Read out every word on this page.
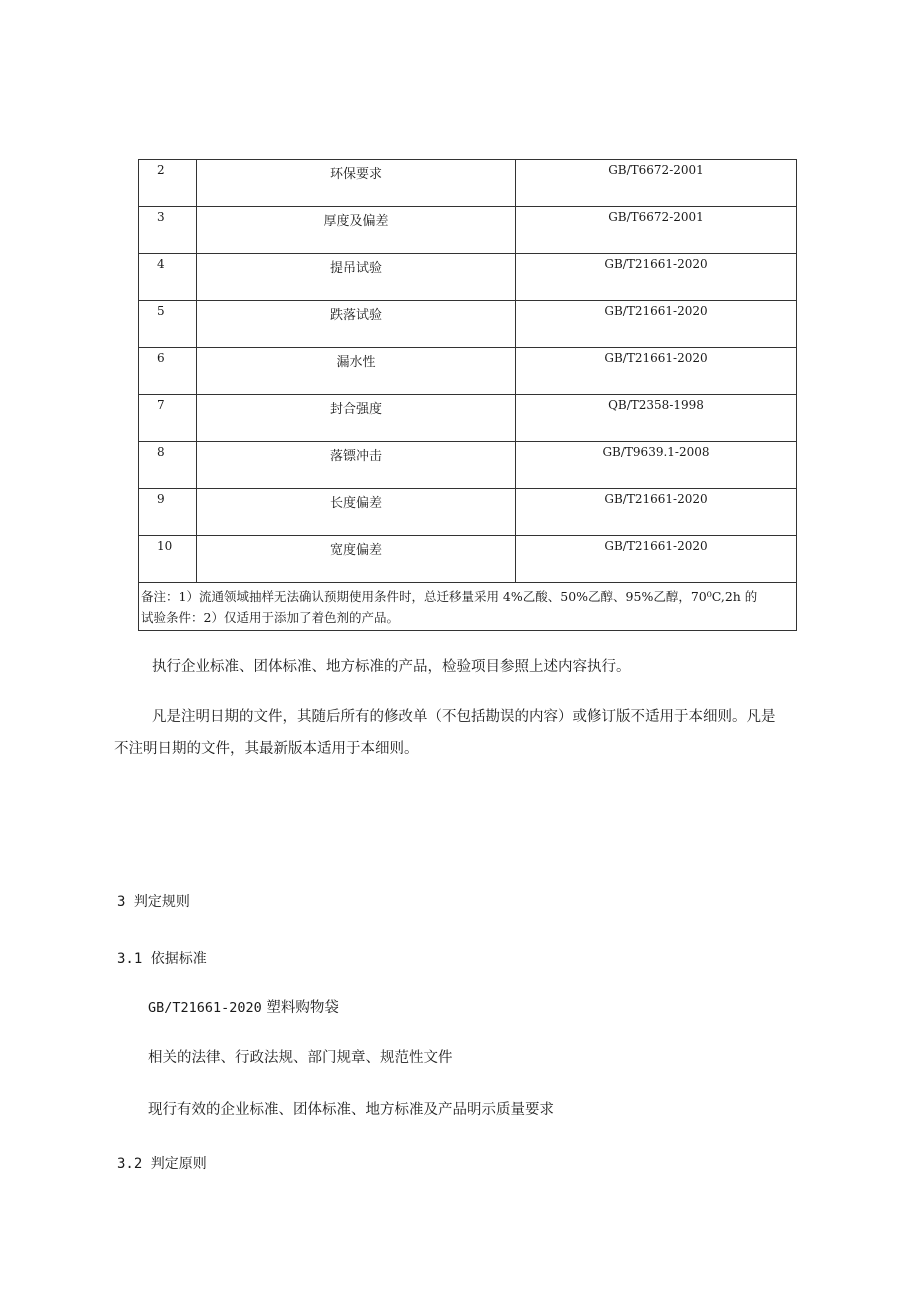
2	环保要求	GB/T6672-2001
3	厚度及偏差	GB/T6672-2001
4	提吊试验	GB/T21661-2020
5	跌落试验	GB/T21661-2020
6	漏水性	GB/T21661-2020
7	封合强度	QB/T2358-1998
8	落镖冲击	GB/T9639.1-2008
9	长度偏差	GB/T21661-2020
10	宽度偏差	GB/T21661-2020

备注：1）流通领域抽样无法确认预期使用条件时，总迁移量采用 4%乙酸、50%乙醇、95%乙醇，70⁰C,2h 的
试验条件：2）仅适用于添加了着色剂的产品。		

执行企业标准、团体标准、地方标准的产品，检验项目参照上述内容执行。

凡是注明日期的文件，其随后所有的修改单（不包括勘误的内容）或修订版不适用于本细则。凡是

不注明日期的文件，其最新版本适用于本细则。

3 判定规则

3.1 依据标准

GB/T21661-2020 塑料购物袋

相关的法律、行政法规、部门规章、规范性文件

现行有效的企业标准、团体标准、地方标准及产品明示质量要求

3.2 判定原则
